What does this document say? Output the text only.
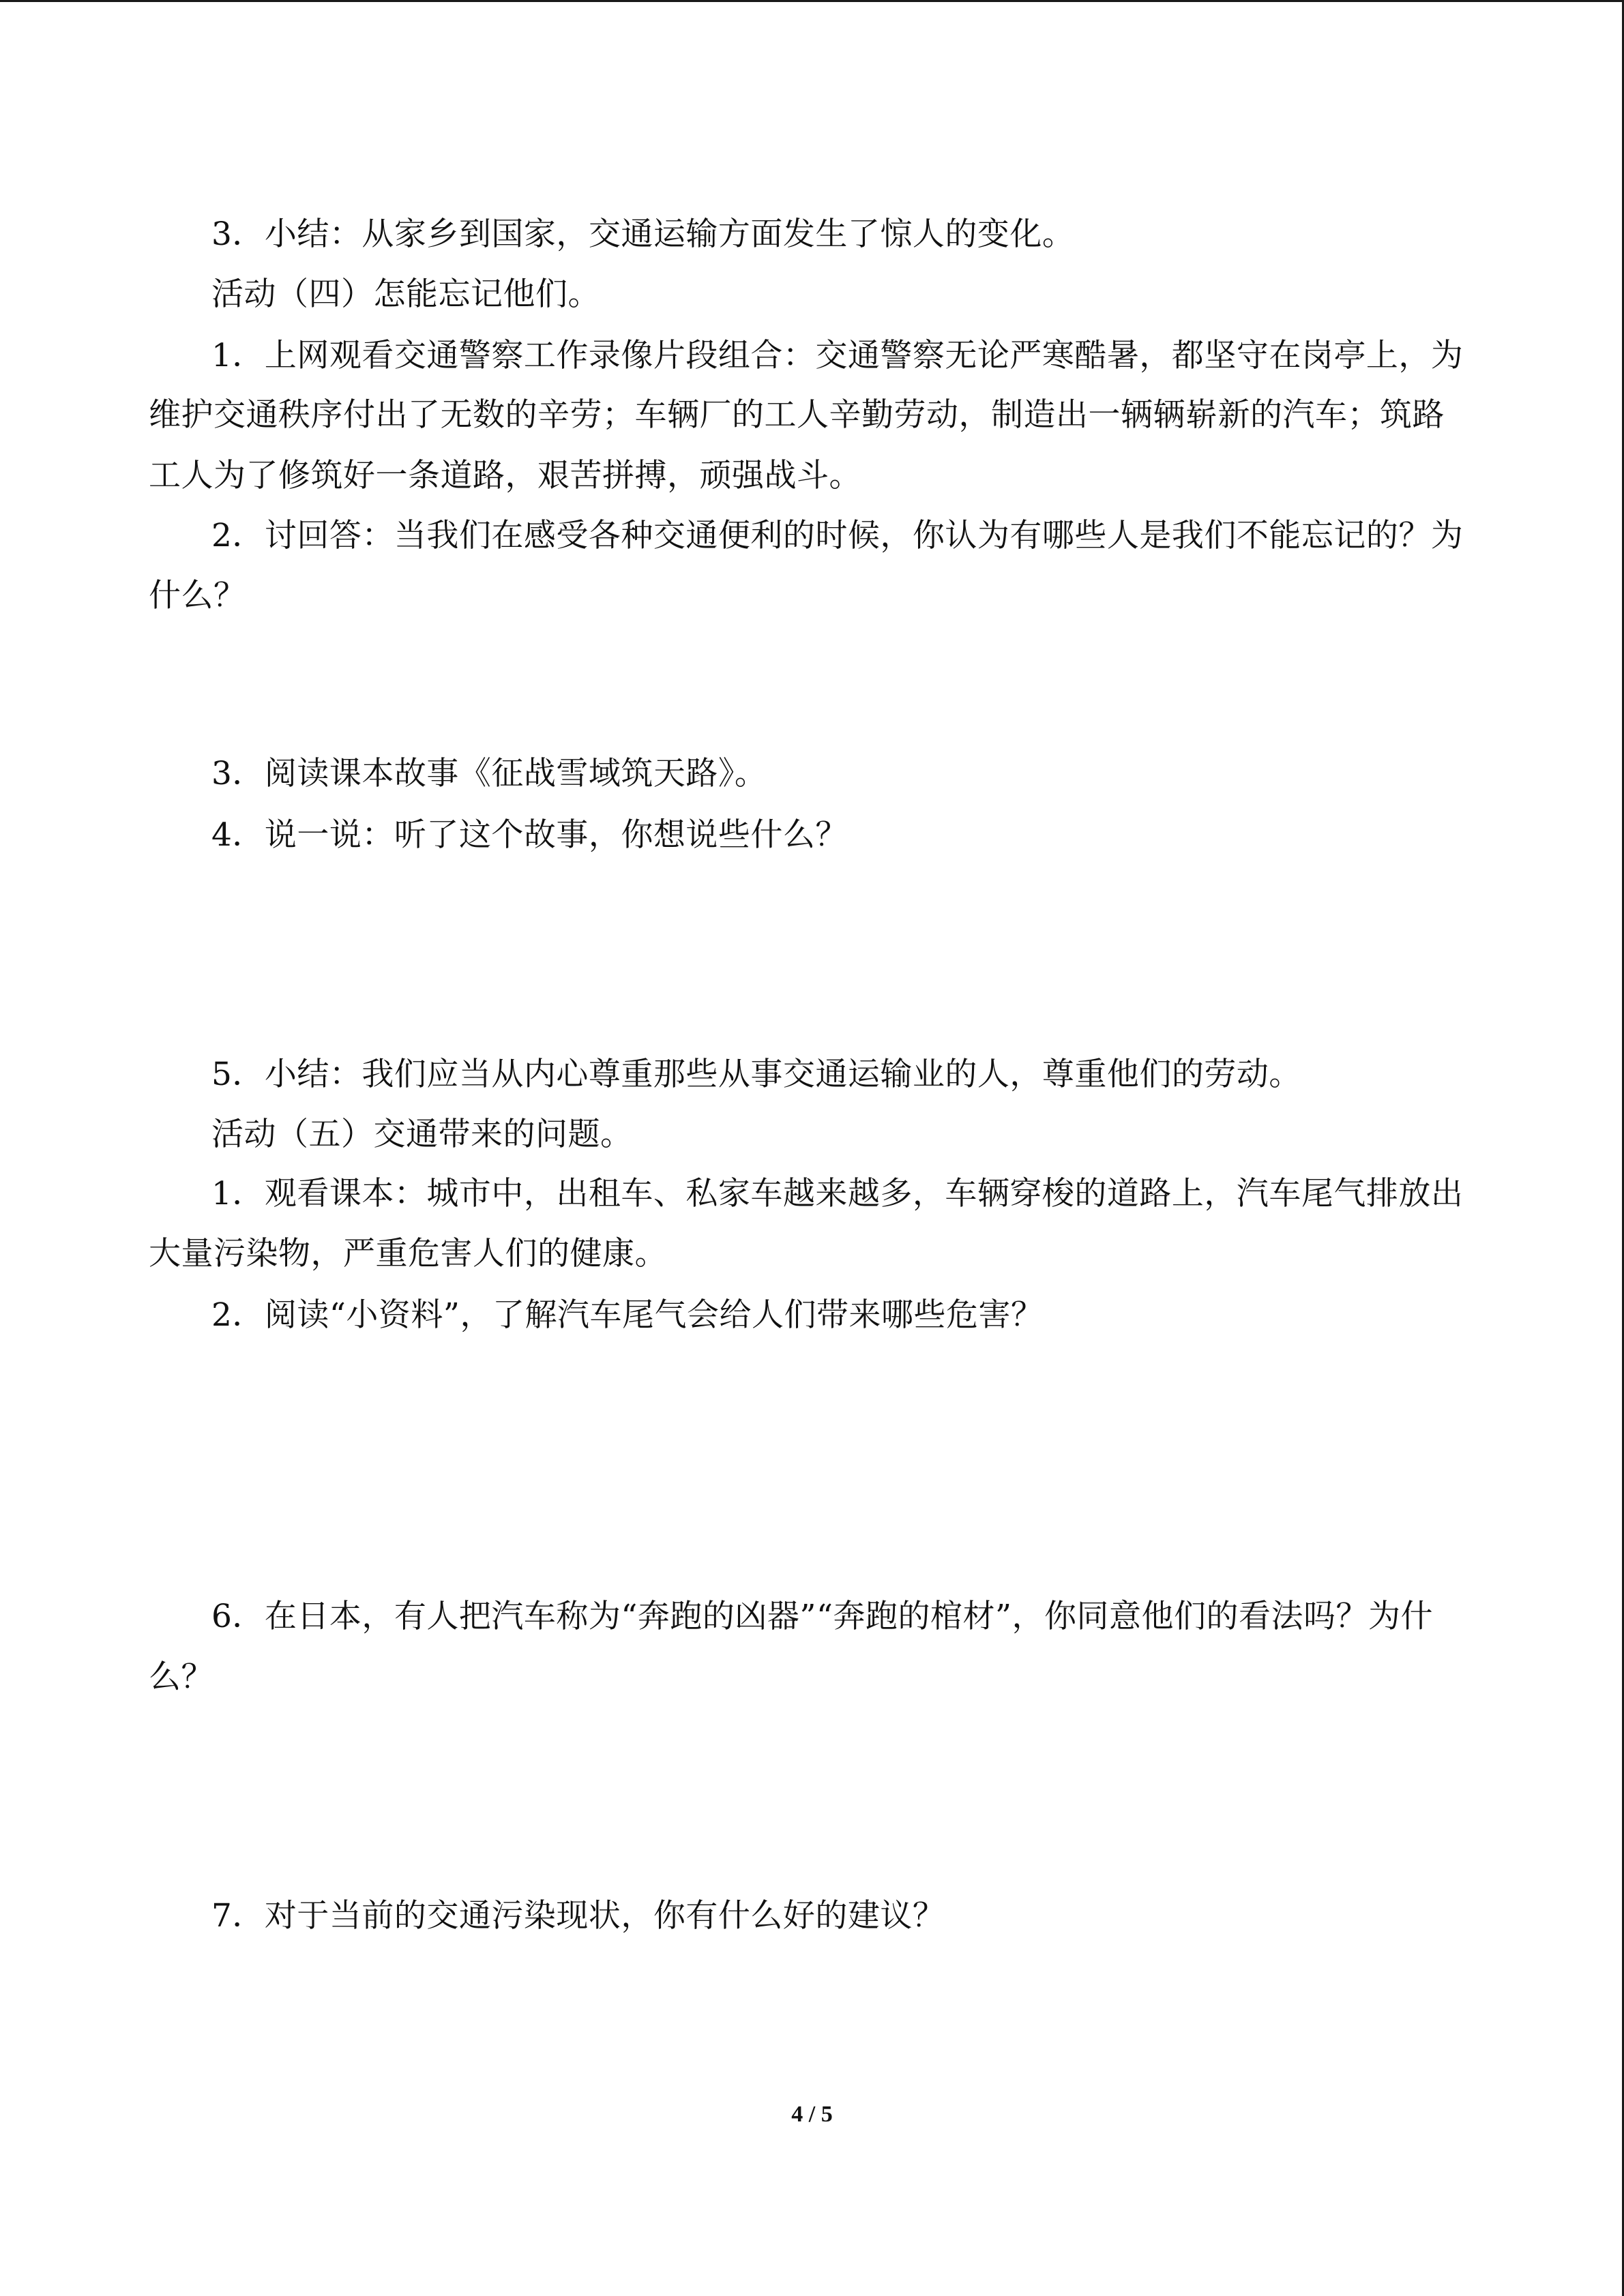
3．小结：从家乡到国家，交通运输方面发生了惊人的变化。
活动（四）怎能忘记他们。
1．上网观看交通警察工作录像片段组合：交通警察无论严寒酷暑，都坚守在岗亭上，为
维护交通秩序付出了无数的辛劳；车辆厂的工人辛勤劳动，制造出一辆辆崭新的汽车；筑路
工人为了修筑好一条道路，艰苦拼搏，顽强战斗。
2．讨回答：当我们在感受各种交通便利的时候，你认为有哪些人是我们不能忘记的？为
什么？
3．阅读课本故事《征战雪域筑天路》。
4．说一说：听了这个故事，你想说些什么？
5．小结：我们应当从内心尊重那些从事交通运输业的人，尊重他们的劳动。
活动（五）交通带来的问题。
1．观看课本：城市中，出租车、私家车越来越多，车辆穿梭的道路上，汽车尾气排放出
大量污染物，严重危害人们的健康。
2．阅读“小资料”，了解汽车尾气会给人们带来哪些危害？
6．在日本，有人把汽车称为“奔跑的凶器”“奔跑的棺材”，你同意他们的看法吗？为什
么？
7．对于当前的交通污染现状，你有什么好的建议？
4 / 5
